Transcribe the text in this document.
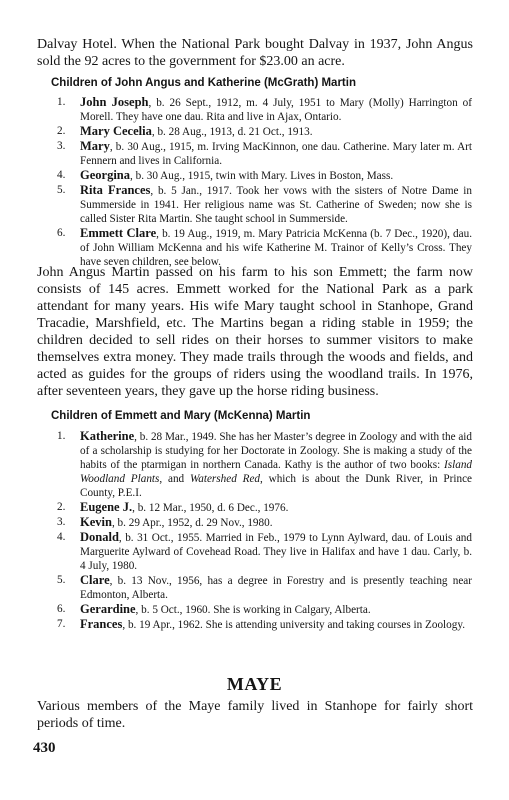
Dalvay Hotel. When the National Park bought Dalvay in 1937, John Angus sold the 92 acres to the government for $23.00 an acre.

Children of John Angus and Katherine (McGrath) Martin

1. John Joseph, b. 26 Sept., 1912, m. 4 July, 1951 to Mary (Molly) Harrington of Morell. They have one dau. Rita and live in Ajax, Ontario.
2. Mary Cecelia, b. 28 Aug., 1913, d. 21 Oct., 1913.
3. Mary, b. 30 Aug., 1915, m. Irving MacKinnon, one dau. Catherine. Mary later m. Art Fennern and lives in California.
4. Georgina, b. 30 Aug., 1915, twin with Mary. Lives in Boston, Mass.
5. Rita Frances, b. 5 Jan., 1917. Took her vows with the sisters of Notre Dame in Summerside in 1941. Her religious name was St. Catherine of Sweden; now she is called Sister Rita Martin. She taught school in Summerside.
6. Emmett Clare, b. 19 Aug., 1919, m. Mary Patricia McKenna (b. 7 Dec., 1920), dau. of John William McKenna and his wife Katherine M. Trainor of Kelly’s Cross. They have seven children, see below.

John Angus Martin passed on his farm to his son Emmett; the farm now consists of 145 acres. Emmett worked for the National Park as a park attendant for many years. His wife Mary taught school in Stanhope, Grand Tracadie, Marshfield, etc. The Martins began a riding stable in 1959; the children decided to sell rides on their horses to summer visitors to make themselves extra money. They made trails through the woods and fields, and acted as guides for the groups of riders using the woodland trails. In 1976, after seventeen years, they gave up the horse riding business.

Children of Emmett and Mary (McKenna) Martin

1. Katherine, b. 28 Mar., 1949. She has her Master’s degree in Zoology and with the aid of a scholarship is studying for her Doctorate in Zoology. She is making a study of the habits of the ptarmigan in northern Canada. Kathy is the author of two books: Island Woodland Plants, and Watershed Red, which is about the Dunk River, in Prince County, P.E.I.
2. Eugene J., b. 12 Mar., 1950, d. 6 Dec., 1976.
3. Kevin, b. 29 Apr., 1952, d. 29 Nov., 1980.
4. Donald, b. 31 Oct., 1955. Married in Feb., 1979 to Lynn Aylward, dau. of Louis and Marguerite Aylward of Covehead Road. They live in Halifax and have 1 dau. Carly, b. 4 July, 1980.
5. Clare, b. 13 Nov., 1956, has a degree in Forestry and is presently teaching near Edmonton, Alberta.
6. Gerardine, b. 5 Oct., 1960. She is working in Calgary, Alberta.
7. Frances, b. 19 Apr., 1962. She is attending university and taking courses in Zoology.

MAYE

Various members of the Maye family lived in Stanhope for fairly short periods of time.

430
